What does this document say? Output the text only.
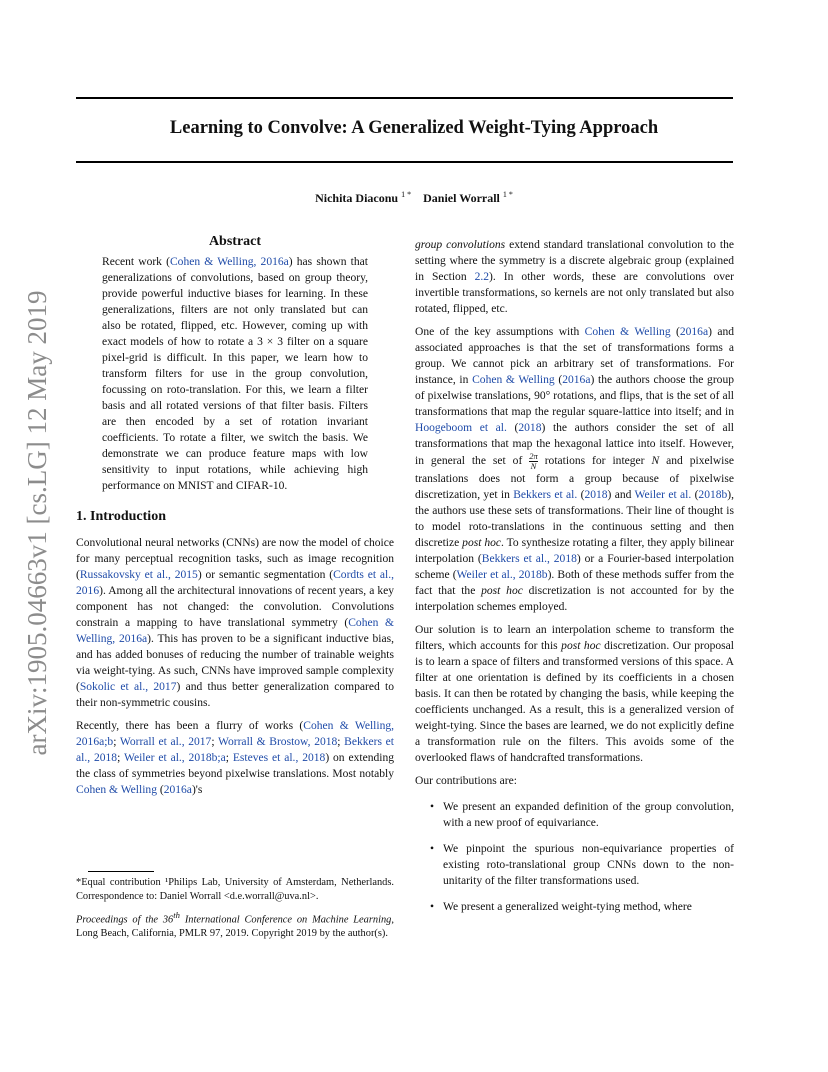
Learning to Convolve: A Generalized Weight-Tying Approach
Nichita Diaconu $^{1 *}$ Daniel Worrall $^{1 *}$
arXiv:1905.04663v1 [cs.LG] 12 May 2019
Abstract
Recent work (Cohen & Welling, 2016a) has shown that generalizations of convolutions, based on group theory, provide powerful inductive biases for learning. In these generalizations, filters are not only translated but can also be rotated, flipped, etc. However, coming up with exact models of how to rotate a 3 × 3 filter on a square pixel-grid is difficult. In this paper, we learn how to transform filters for use in the group convolution, focussing on roto-translation. For this, we learn a filter basis and all rotated versions of that filter basis. Filters are then encoded by a set of rotation invariant coefficients. To rotate a filter, we switch the basis. We demonstrate we can produce feature maps with low sensitivity to input rotations, while achieving high performance on MNIST and CIFAR-10.
1. Introduction

Convolutional neural networks (CNNs) are now the model of choice for many perceptual recognition tasks, such as image recognition (Russakovsky et al., 2015) or semantic segmentation (Cordts et al., 2016). Among all the architectural innovations of recent years, a key component has not changed: the convolution. Convolutions constrain a mapping to have translational symmetry (Cohen & Welling, 2016a). This has proven to be a significant inductive bias, and has added bonuses of reducing the number of trainable weights via weight-tying. As such, CNNs have improved sample complexity (Sokolic et al., 2017) and thus better generalization compared to their non-symmetric cousins.

Recently, there has been a flurry of works (Cohen & Welling, 2016a;b; Worrall et al., 2017; Worrall & Brostow, 2018; Bekkers et al., 2018; Weiler et al., 2018b;a; Esteves et al., 2018) on extending the class of symmetries beyond pixelwise translations. Most notably Cohen & Welling (2016a)'s

*Equal contribution ¹Philips Lab, University of Amsterdam, Netherlands. Correspondence to: Daniel Worrall <d.e.worrall@uva.nl>.

Proceedings of the 36th International Conference on Machine Learning, Long Beach, California, PMLR 97, 2019. Copyright 2019 by the author(s).

group convolutions extend standard translational convolution to the setting where the symmetry is a discrete algebraic group (explained in Section 2.2). In other words, these are convolutions over invertible transformations, so kernels are not only translated but also rotated, flipped, etc.

One of the key assumptions with Cohen & Welling (2016a) and associated approaches is that the set of transformations forms a group. We cannot pick an arbitrary set of transformations. For instance, in Cohen & Welling (2016a) the authors choose the group of pixelwise translations, 90° rotations, and flips, that is the set of all transformations that map the regular square-lattice into itself; and in Hoogeboom et al. (2018) the authors consider the set of all transformations that map the hexagonal lattice into itself. However, in general the set of $\frac{2\pi}{N}$ rotations for integer N and pixelwise translations does not form a group because of pixelwise discretization, yet in Bekkers et al. (2018) and Weiler et al. (2018b), the authors use these sets of transformations. Their line of thought is to model roto-translations in the continuous setting and then discretize post hoc. To synthesize rotating a filter, they apply bilinear interpolation (Bekkers et al., 2018) or a Fourier-based interpolation scheme (Weiler et al., 2018b). Both of these methods suffer from the fact that the post hoc discretization is not accounted for by the interpolation schemes employed.

Our solution is to learn an interpolation scheme to transform the filters, which accounts for this post hoc discretization. Our proposal is to learn a space of filters and transformed versions of this space. A filter at one orientation is defined by its coefficients in a chosen basis. It can then be rotated by changing the basis, while keeping the coefficients unchanged. As a result, this is a generalized version of weight-tying. Since the bases are learned, we do not explicitly define a transformation rule on the filters. This avoids some of the overlooked flaws of handcrafted transformations.

Our contributions are:

• We present an expanded definition of the group convolution, with a new proof of equivariance.
• We pinpoint the spurious non-equivariance properties of existing roto-translational group CNNs down to the non-unitarity of the filter transformations used.
• We present a generalized weight-tying method, where
